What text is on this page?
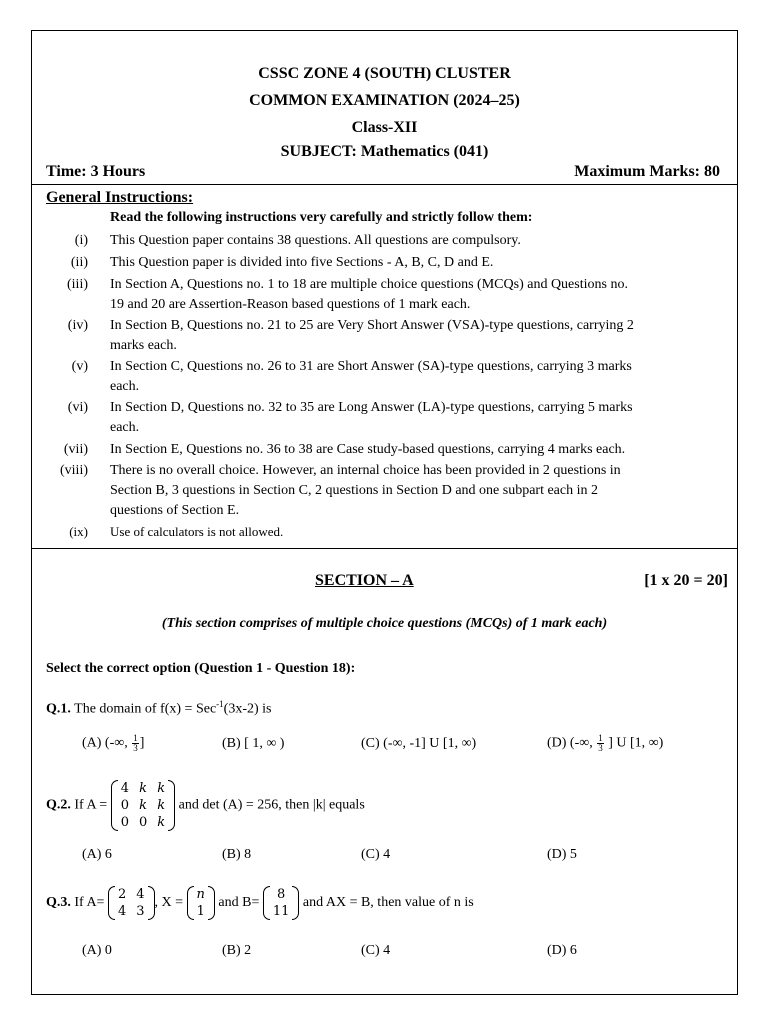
CSSC ZONE 4 (SOUTH) CLUSTER
COMMON EXAMINATION (2024–25)
Class-XII
SUBJECT: Mathematics (041)
Time: 3 Hours	Maximum Marks: 80
General Instructions:
Read the following instructions very carefully and strictly follow them:
(i) This Question paper contains 38 questions. All questions are compulsory.
(ii) This Question paper is divided into five Sections - A, B, C, D and E.
(iii) In Section A, Questions no. 1 to 18 are multiple choice questions (MCQs) and Questions no.
19 and 20 are Assertion-Reason based questions of 1 mark each.
(iv) In Section B, Questions no. 21 to 25 are Very Short Answer (VSA)-type questions, carrying 2
marks each.
(v) In Section C, Questions no. 26 to 31 are Short Answer (SA)-type questions, carrying 3 marks
each.
(vi) In Section D, Questions no. 32 to 35 are Long Answer (LA)-type questions, carrying 5 marks
each.
(vii) In Section E, Questions no. 36 to 38 are Case study-based questions, carrying 4 marks each.
(viii) There is no overall choice. However, an internal choice has been provided in 2 questions in
Section B, 3 questions in Section C, 2 questions in Section D and one subpart each in 2
questions of Section E.
(ix) Use of calculators is not allowed.
SECTION – A	[1 x 20 = 20]
(This section comprises of multiple choice questions (MCQs) of 1 mark each)
Select the correct option (Question 1 - Question 18):
Q.1. The domain of f(x) = Sec$^{-1}$(3x-2) is
(A) (-∞, $\frac{1}{3}$ ]	(B) [ 1, ∞ )	(C) (-∞, -1] U [1, ∞)	(D) (-∞, $\frac{1}{3}$ ] U [1, ∞)
Q.2. If A =
4	k	k
0	k	k
0	0	k
and det (A) = 256, then |k| equals
(A) 6	(B) 8	(C) 4	(D) 5
Q.3. If A=
2	4
4	3
, X =
n
1
and B=
8
11
and AX = B, then value of n is
(A) 0	(B) 2	(C) 4	(D) 6
